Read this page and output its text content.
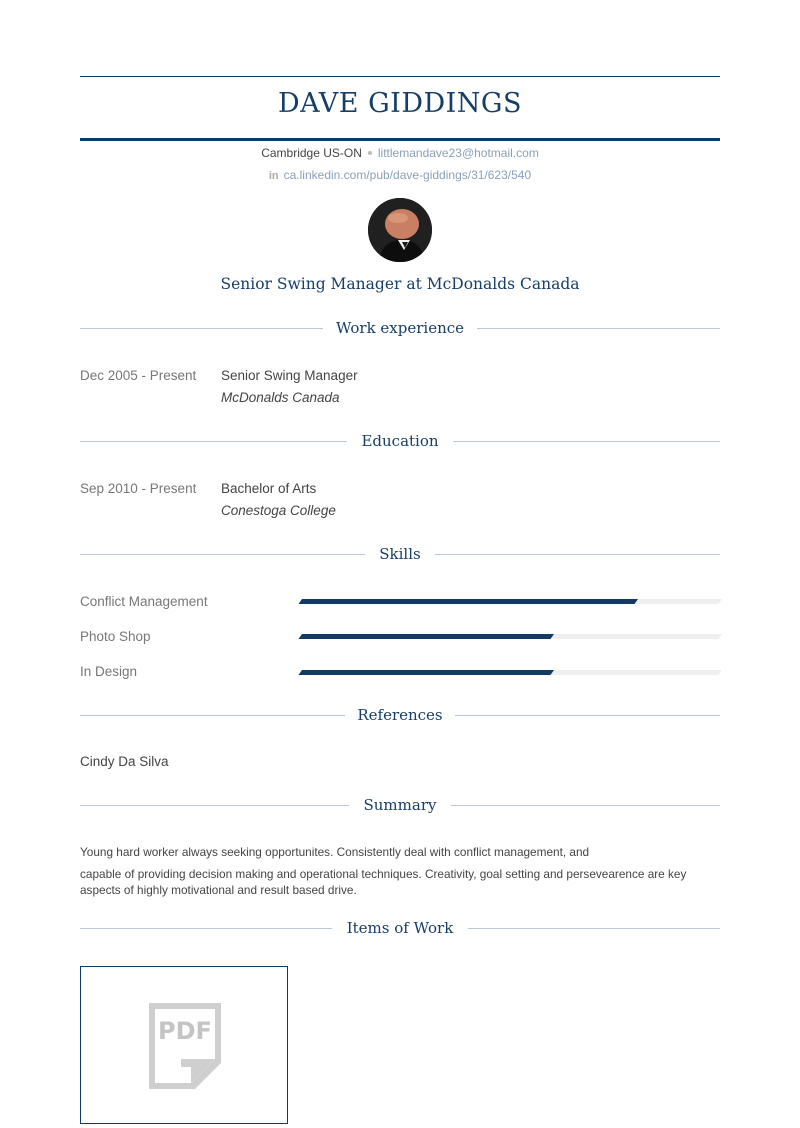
DAVE GIDDINGS
Cambridge US-ON littlemandave23@hotmail.com
in ca.linkedin.com/pub/dave-giddings/31/623/540
Senior Swing Manager at McDonalds Canada
Work experience
Dec 2005 - Present Senior Swing Manager
McDonalds Canada
Education
Sep 2010 - Present Bachelor of Arts
Conestoga College
Skills
Conflict Management
Photo Shop
In Design
References
Cindy Da Silva
Summary
Young hard worker always seeking opportunites. Consistently deal with conflict management, and
capable of providing decision making and operational techniques. Creativity, goal setting and persevearence are key
aspects of highly motivational and result based drive.
Items of Work
PDF
